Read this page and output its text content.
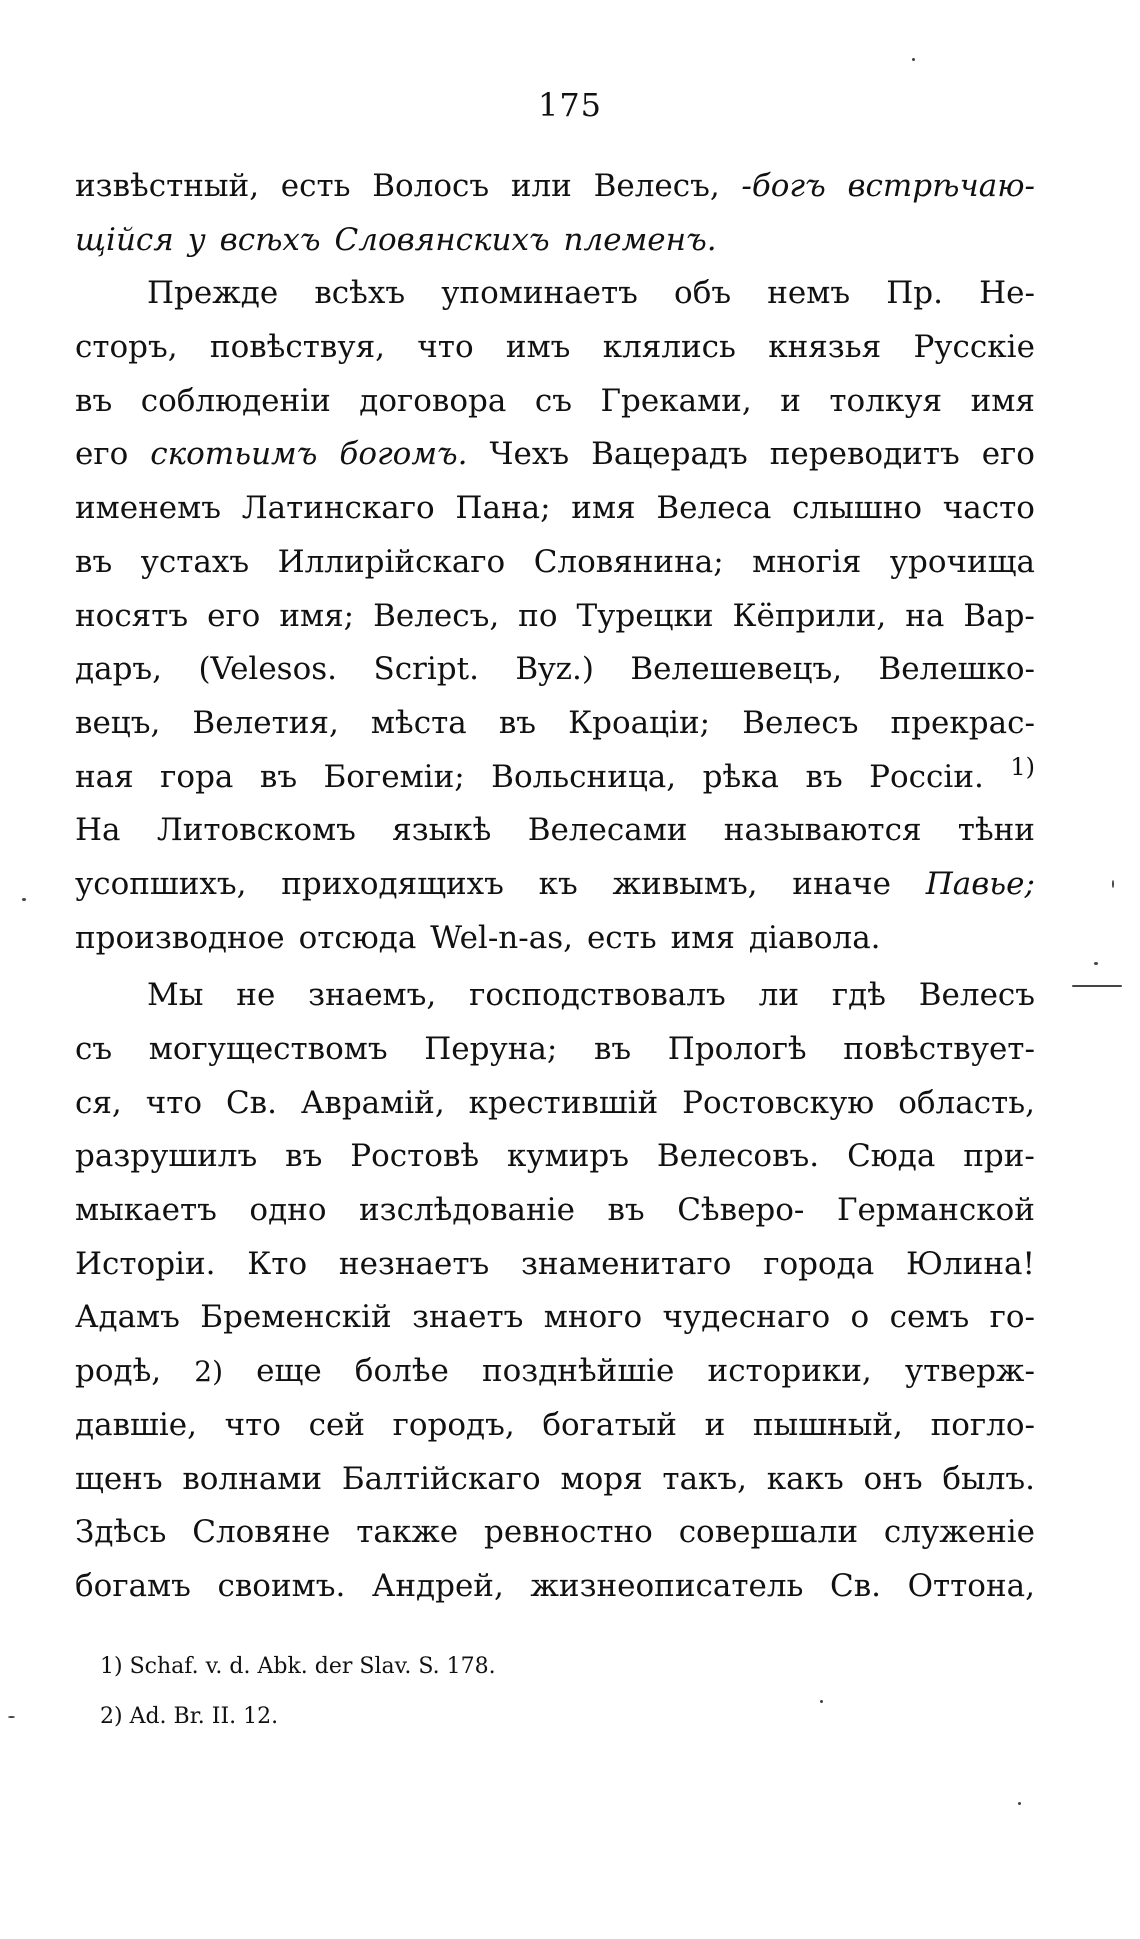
175
извѣстный, есть Волосъ или Велесъ, -богъ встрѣчаю-
щійся у всѣхъ Словянскихъ племенъ.
Прежде всѣхъ упоминаетъ объ немъ Пр. Не-
сторъ, повѣствуя, что имъ клялись князья Русскіе
въ соблюденіи договора съ Греками, и толкуя имя
его скотьимъ богомъ. Чехъ Вацерадъ переводитъ его
именемъ Латинскаго Пана; имя Велеса слышно часто
въ устахъ Иллирійскаго Словянина; многія урочища
носятъ его имя; Велесъ, по Турецки Кёприли, на Вар-
даръ, (Velesos. Script. Byz.) Велешевецъ, Велешко-
вецъ, Велетия, мѣста въ Кроаціи; Велесъ прекрас-
ная гора въ Богеміи; Вольсница, рѣка въ Россіи. 1)
На Литовскомъ языкѣ Велесами называются тѣни
усопшихъ, приходящихъ къ живымъ, иначе Павье;
производное отсюда Wel-n-as, есть имя діавола.
Мы не знаемъ, господствовалъ ли гдѣ Велесъ
съ могуществомъ Перуна; въ Прологѣ повѣствует-
ся, что Св. Аврамій, крестившій Ростовскую область,
разрушилъ въ Ростовѣ кумиръ Велесовъ. Сюда при-
мыкаетъ одно изслѣдованіе въ Сѣверо- Германской
Исторіи. Кто незнаетъ знаменитаго города Юлина!
Адамъ Бременскій знаетъ много чудеснаго о семъ го-
родѣ, 2) еще болѣе позднѣйшіе историки, утверж-
давшіе, что сей городъ, богатый и пышный, погло-
щенъ волнами Балтійскаго моря такъ, какъ онъ былъ.
Здѣсь Словяне также ревностно совершали служеніе
богамъ своимъ. Андрей, жизнеописатель Св. Оттона,
1) Schaf. v. d. Abk. der Slav. S. 178.
2) Ad. Br. II. 12.
